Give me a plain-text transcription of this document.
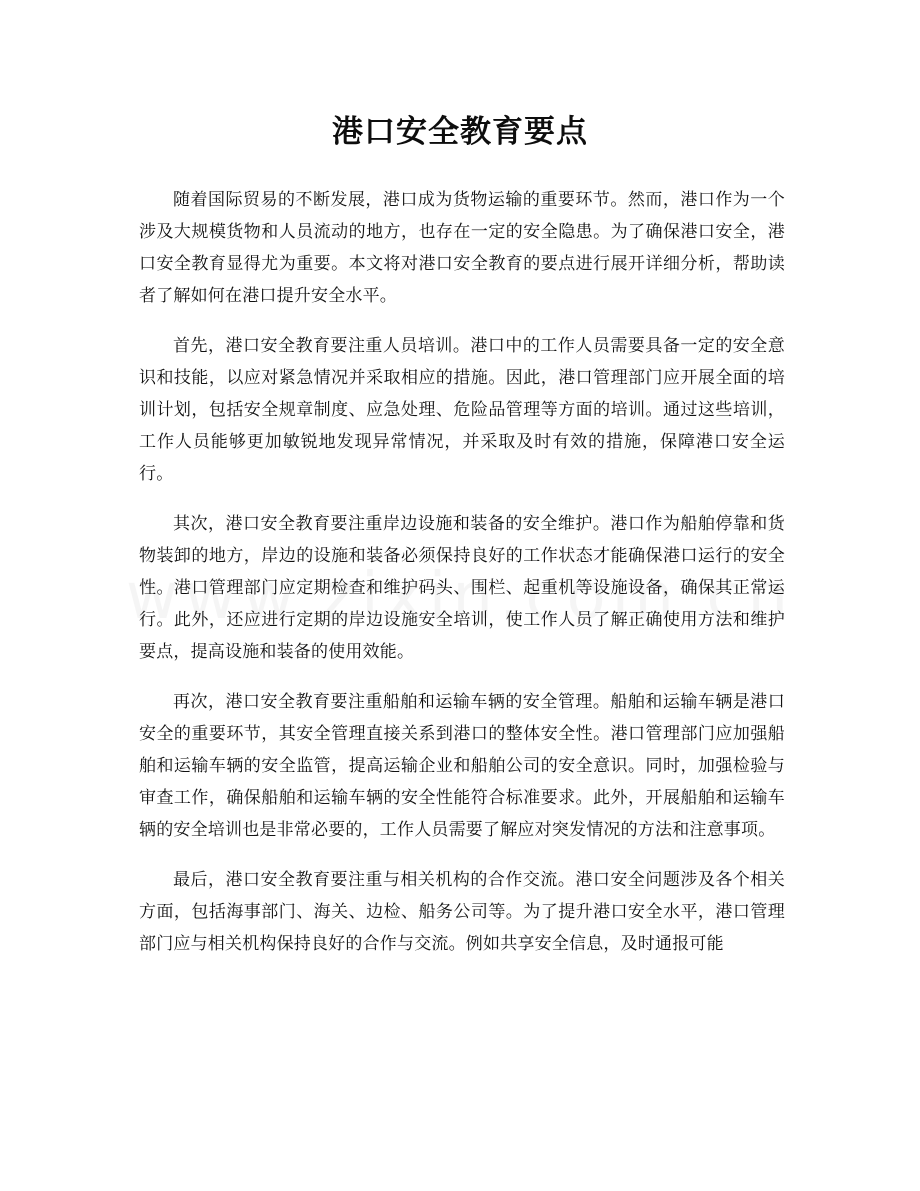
港口安全教育要点

随着国际贸易的不断发展，港口成为货物运输的重要环节。然而，港口作为一个涉及大规模货物和人员流动的地方，也存在一定的安全隐患。为了确保港口安全，港口安全教育显得尤为重要。本文将对港口安全教育的要点进行展开详细分析，帮助读者了解如何在港口提升安全水平。

首先，港口安全教育要注重人员培训。港口中的工作人员需要具备一定的安全意识和技能，以应对紧急情况并采取相应的措施。因此，港口管理部门应开展全面的培训计划，包括安全规章制度、应急处理、危险品管理等方面的培训。通过这些培训，工作人员能够更加敏锐地发现异常情况，并采取及时有效的措施，保障港口安全运行。

其次，港口安全教育要注重岸边设施和装备的安全维护。港口作为船舶停靠和货物装卸的地方，岸边的设施和装备必须保持良好的工作状态才能确保港口运行的安全性。港口管理部门应定期检查和维护码头、围栏、起重机等设施设备，确保其正常运行。此外，还应进行定期的岸边设施安全培训，使工作人员了解正确使用方法和维护要点，提高设施和装备的使用效能。

再次，港口安全教育要注重船舶和运输车辆的安全管理。船舶和运输车辆是港口安全的重要环节，其安全管理直接关系到港口的整体安全性。港口管理部门应加强船舶和运输车辆的安全监管，提高运输企业和船舶公司的安全意识。同时，加强检验与审查工作，确保船舶和运输车辆的安全性能符合标准要求。此外，开展船舶和运输车辆的安全培训也是非常必要的，工作人员需要了解应对突发情况的方法和注意事项。

最后，港口安全教育要注重与相关机构的合作交流。港口安全问题涉及各个相关方面，包括海事部门、海关、边检、船务公司等。为了提升港口安全水平，港口管理部门应与相关机构保持良好的合作与交流。例如共享安全信息，及时通报可能
